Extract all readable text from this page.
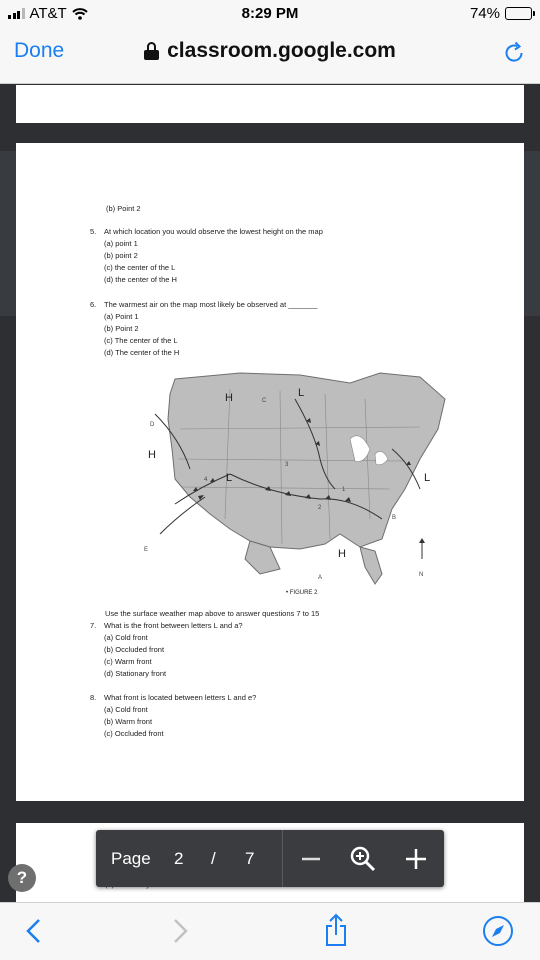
AT&T	8:29 PM	74%
Done	classroom.google.com
(b) Point 2
5.	At which location you would observe the lowest height on the map
(a) point 1
(b) point 2
(c) the center of the L
(d) the center of the H
6.	The warmest air on the map most likely be observed at _______
(a) Point 1
(b) Point 2
(c) The center of the L
(d) The center of the H
H
H
H
L
L	L
C
D
E
A
B
N
3
4
1
2
• FIGURE 2
Use the surface weather map above to answer questions 7 to 15
7.	What is the front between letters L and a?
(a) Cold front
(b) Occluded front
(c) Warm front
(d) Stationary front
8.	What front is located between letters L and e?
(a) Cold front
(b) Warm front
(c) Occluded front
Page 2 / 7
?
